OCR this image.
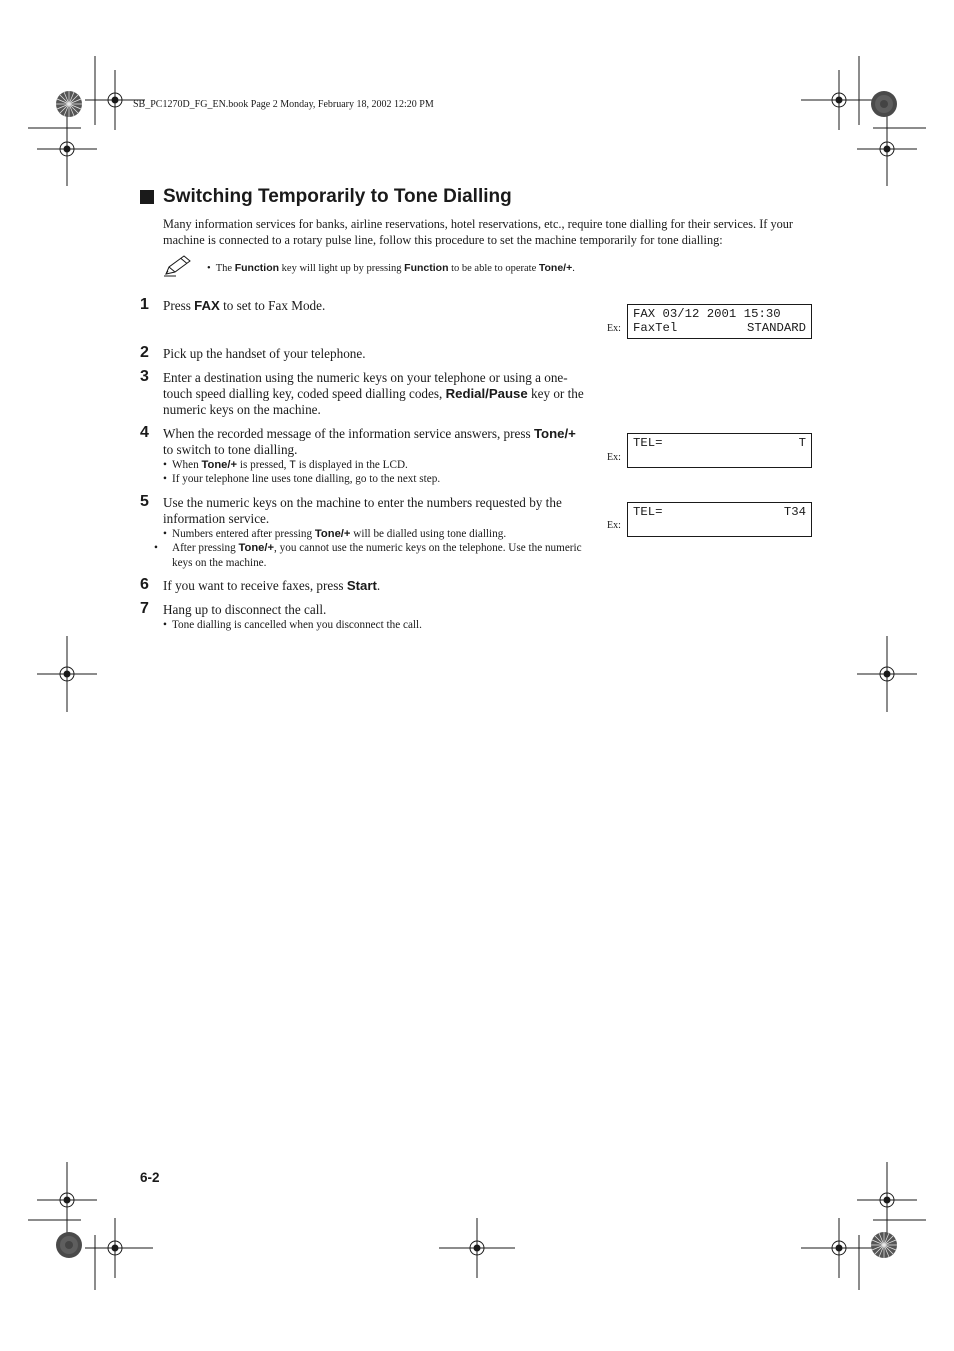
SB_PC1270D_FG_EN.book Page 2 Monday, February 18, 2002 12:20 PM
Switching Temporarily to Tone Dialling
Many information services for banks, airline reservations, hotel reservations, etc., require tone dialling for their services. If your machine is connected to a rotary pulse line, follow this procedure to set the machine temporarily for tone dialling:
• The Function key will light up by pressing Function to be able to operate Tone/+.
1 Press FAX to set to Fax Mode.
2 Pick up the handset of your telephone.
3 Enter a destination using the numeric keys on your telephone or using a one-touch speed dialling key, coded speed dialling codes, Redial/Pause key or the numeric keys on the machine.
4 When the recorded message of the information service answers, press Tone/+ to switch to tone dialling.
• When Tone/+ is pressed, T is displayed in the LCD.
• If your telephone line uses tone dialling, go to the next step.
5 Use the numeric keys on the machine to enter the numbers requested by the information service.
• Numbers entered after pressing Tone/+ will be dialled using tone dialling.
• After pressing Tone/+, you cannot use the numeric keys on the telephone. Use the numeric keys on the machine.
6 If you want to receive faxes, press Start.
7 Hang up to disconnect the call.
• Tone dialling is cancelled when you disconnect the call.
Ex:
FAX 03/12 2001 15:30
FaxTel	STANDARD
Ex:
TEL=	T
Ex:
TEL=	T34
6-2
